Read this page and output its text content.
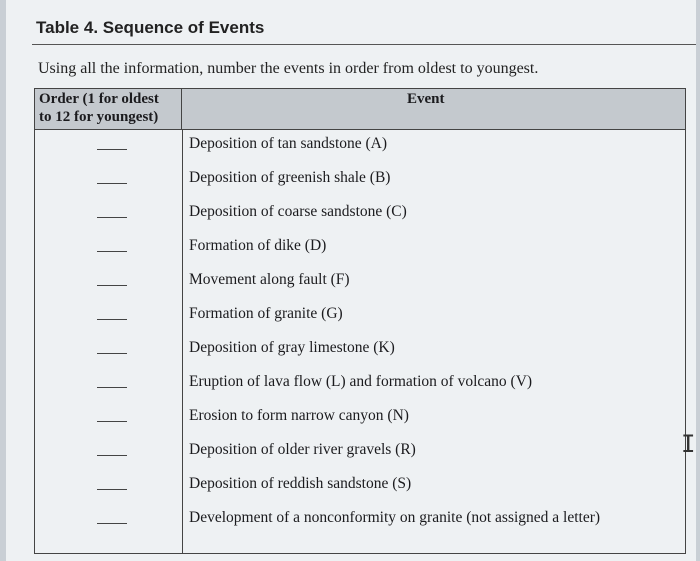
Table 4. Sequence of Events
Using all the information, number the events in order from oldest to youngest.
Order (1 for oldest
to 12 for youngest)
Event
Deposition of tan sandstone (A)
Deposition of greenish shale (B)
Deposition of coarse sandstone (C)
Formation of dike (D)
Movement along fault (F)
Formation of granite (G)
Deposition of gray limestone (K)
Eruption of lava flow (L) and formation of volcano (V)
Erosion to form narrow canyon (N)
Deposition of older river gravels (R)
Deposition of reddish sandstone (S)
Development of a nonconformity on granite (not assigned a letter)
I
